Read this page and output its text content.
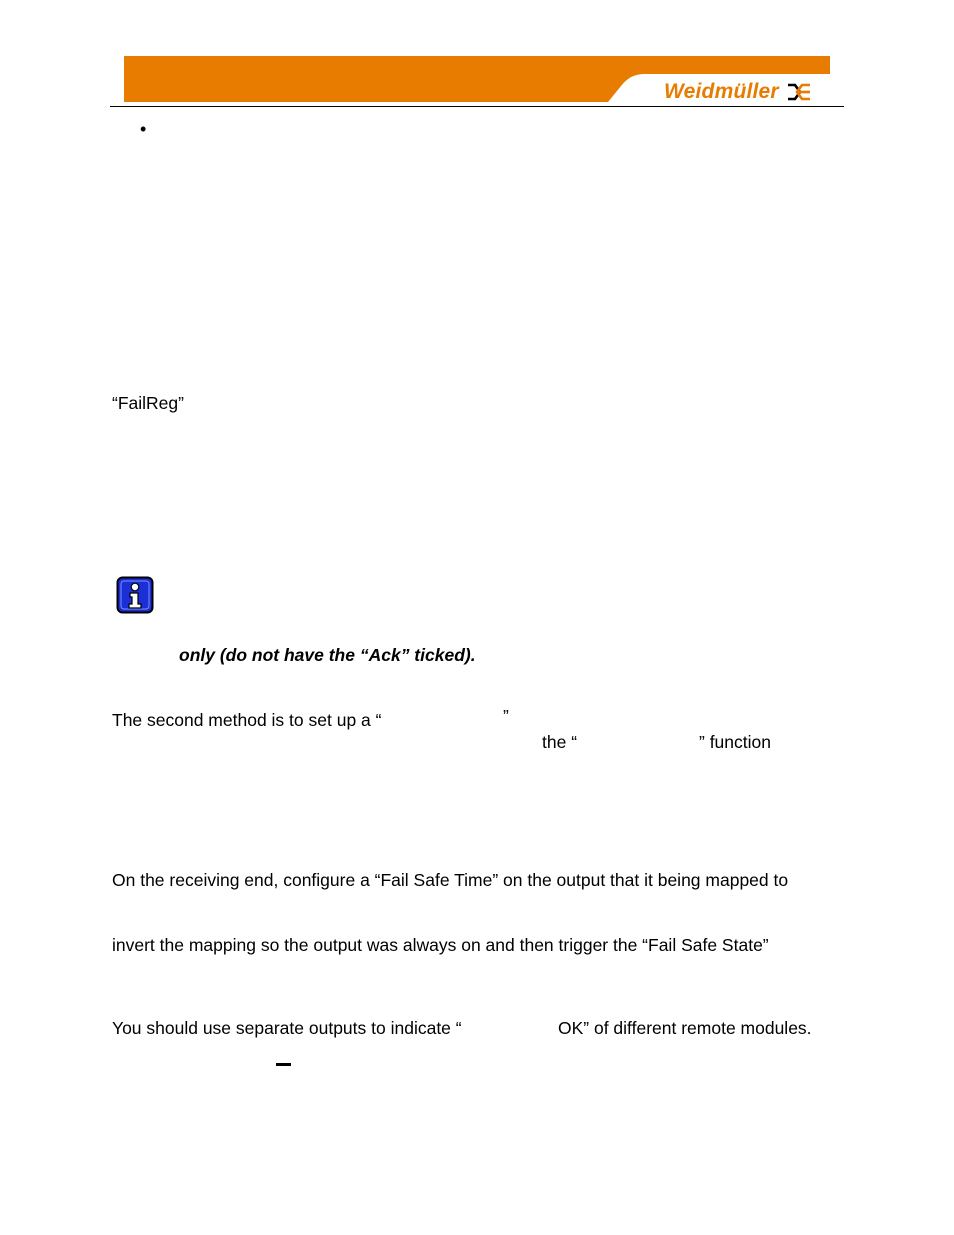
Weidmüller
•
“FailReg”
only (do not have the “Ack” ticked).
The second method is to set up a “	”
the “	” function
On the receiving end, configure a “Fail Safe Time” on the output that it being mapped to
invert the mapping so the output was always on and then trigger the “Fail Safe State”
You should use separate outputs to indicate “	OK” of different remote modules.
